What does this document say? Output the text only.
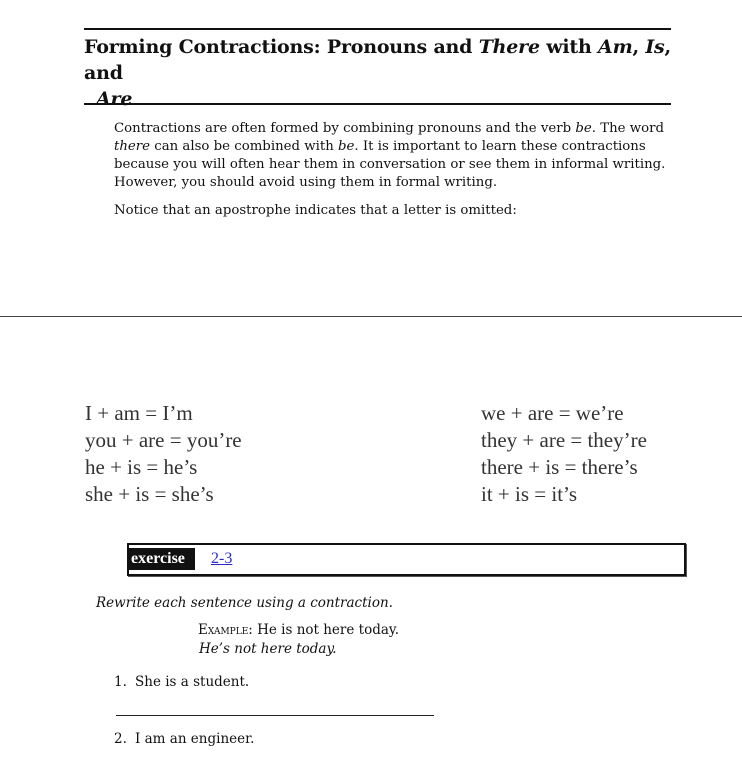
Forming Contractions: Pronouns and There with Am, Is, and
Are

Contractions are often formed by combining pronouns and the verb be. The word there can also be combined with be. It is important to learn these contractions because you will often hear them in conversation or see them in informal writing. However, you should avoid using them in formal writing.

Notice that an apostrophe indicates that a letter is omitted:

I + am = I’m
you + are = you’re
he + is = he’s
she + is = she’s
we + are = we’re
they + are = they’re
there + is = there’s
it + is = it’s
exercise	2-3
Rewrite each sentence using a contraction.
Example: He is not here today.
He’s not here today.
1. She is a student.
2. I am an engineer.
